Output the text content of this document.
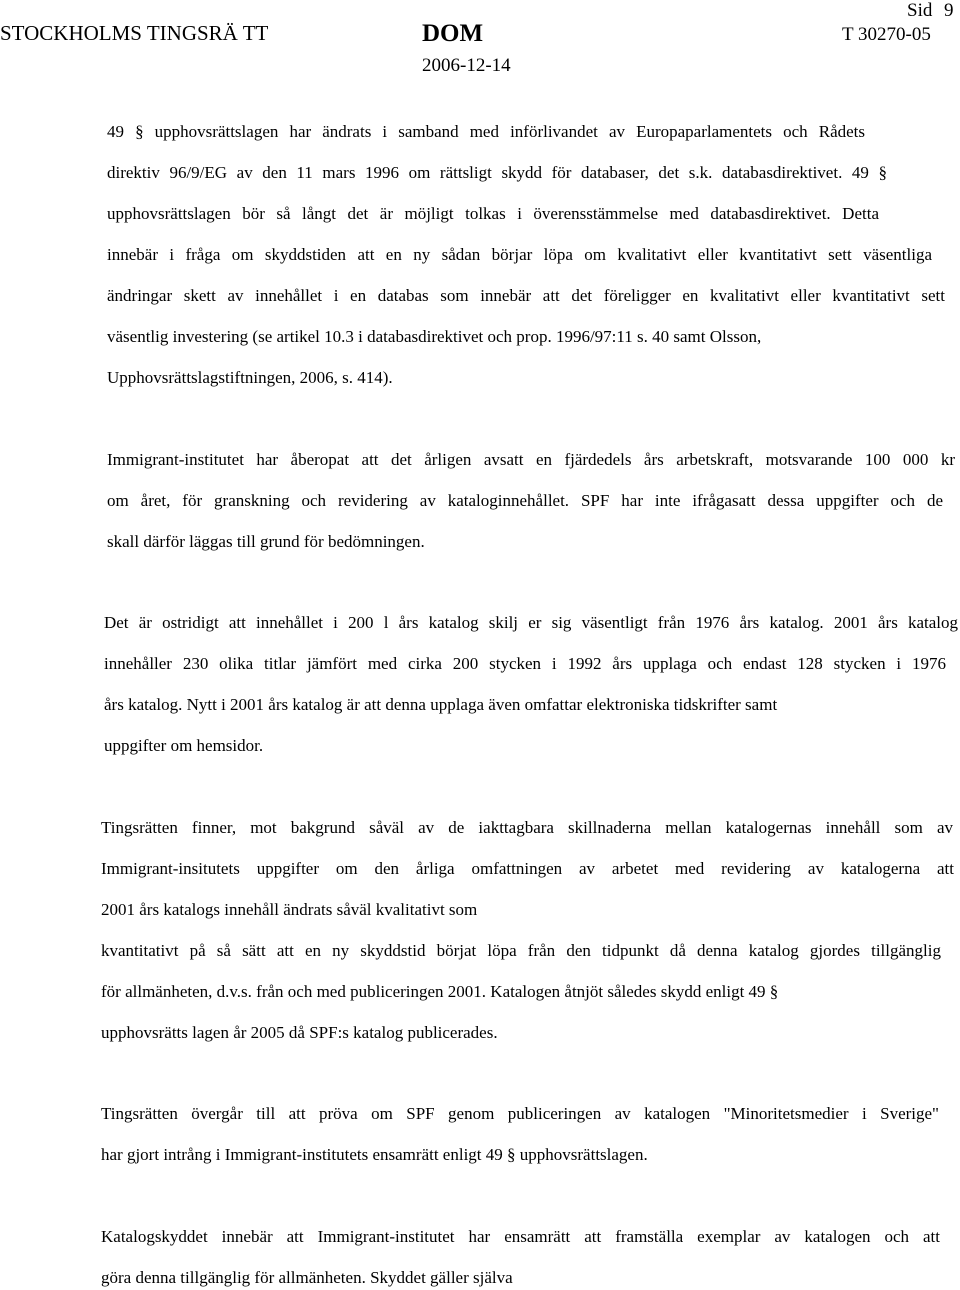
STOCKHOLMS TINGSRÄ TT	DOM	T 30270-05
2006-12-14
Sid 9
49 § upphovsrättslagen har ändrats i samband med införlivandet av Europaparlamentets och Rådets
direktiv 96/9/EG av den 11 mars 1996 om rättsligt skydd för databaser, det s.k. databasdirektivet. 49 §
upphovsrättslagen bör så långt det är möjligt tolkas i överensstämmelse med databasdirektivet. Detta
innebär i fråga om skyddstiden att en ny sådan börjar löpa om kvalitativt eller kvantitativt sett väsentliga
ändringar skett av innehållet i en databas som innebär att det föreligger en kvalitativt eller kvantitativt sett
väsentlig investering (se artikel 10.3 i databasdirektivet och prop. 1996/97:11 s. 40 samt Olsson,
Upphovsrättslagstiftningen, 2006, s. 414).
Immigrant-institutet har åberopat att det årligen avsatt en fjärdedels års arbetskraft, motsvarande 100 000 kr
om året, för granskning och revidering av kataloginnehållet. SPF har inte ifrågasatt dessa uppgifter och de
skall därför läggas till grund för bedömningen.
Det är ostridigt att innehållet i 200 l års katalog skilj er sig väsentligt från 1976 års katalog. 2001 års katalog
innehåller 230 olika titlar jämfört med cirka 200 stycken i 1992 års upplaga och endast 128 stycken i 1976
års katalog. Nytt i 2001 års katalog är att denna upplaga även omfattar elektroniska tidskrifter samt
uppgifter om hemsidor.
Tingsrätten finner, mot bakgrund såväl av de iakttagbara skillnaderna mellan katalogernas innehåll som av
Immigrant-insitutets uppgifter om den årliga omfattningen av arbetet med revidering av katalogerna att
2001 års katalogs innehåll ändrats såväl kvalitativt som
kvantitativt på så sätt att en ny skyddstid börjat löpa från den tidpunkt då denna katalog gjordes tillgänglig
för allmänheten, d.v.s. från och med publiceringen 2001. Katalogen åtnjöt således skydd enligt 49 §
upphovsrätts lagen år 2005 då SPF:s katalog publicerades.
Tingsrätten övergår till att pröva om SPF genom publiceringen av katalogen "Minoritetsmedier i Sverige"
har gjort intrång i Immigrant-institutets ensamrätt enligt 49 § upphovsrättslagen.
Katalogskyddet innebär att Immigrant-institutet har ensamrätt att framställa exemplar av katalogen och att
göra denna tillgänglig för allmänheten. Skyddet gäller själva
